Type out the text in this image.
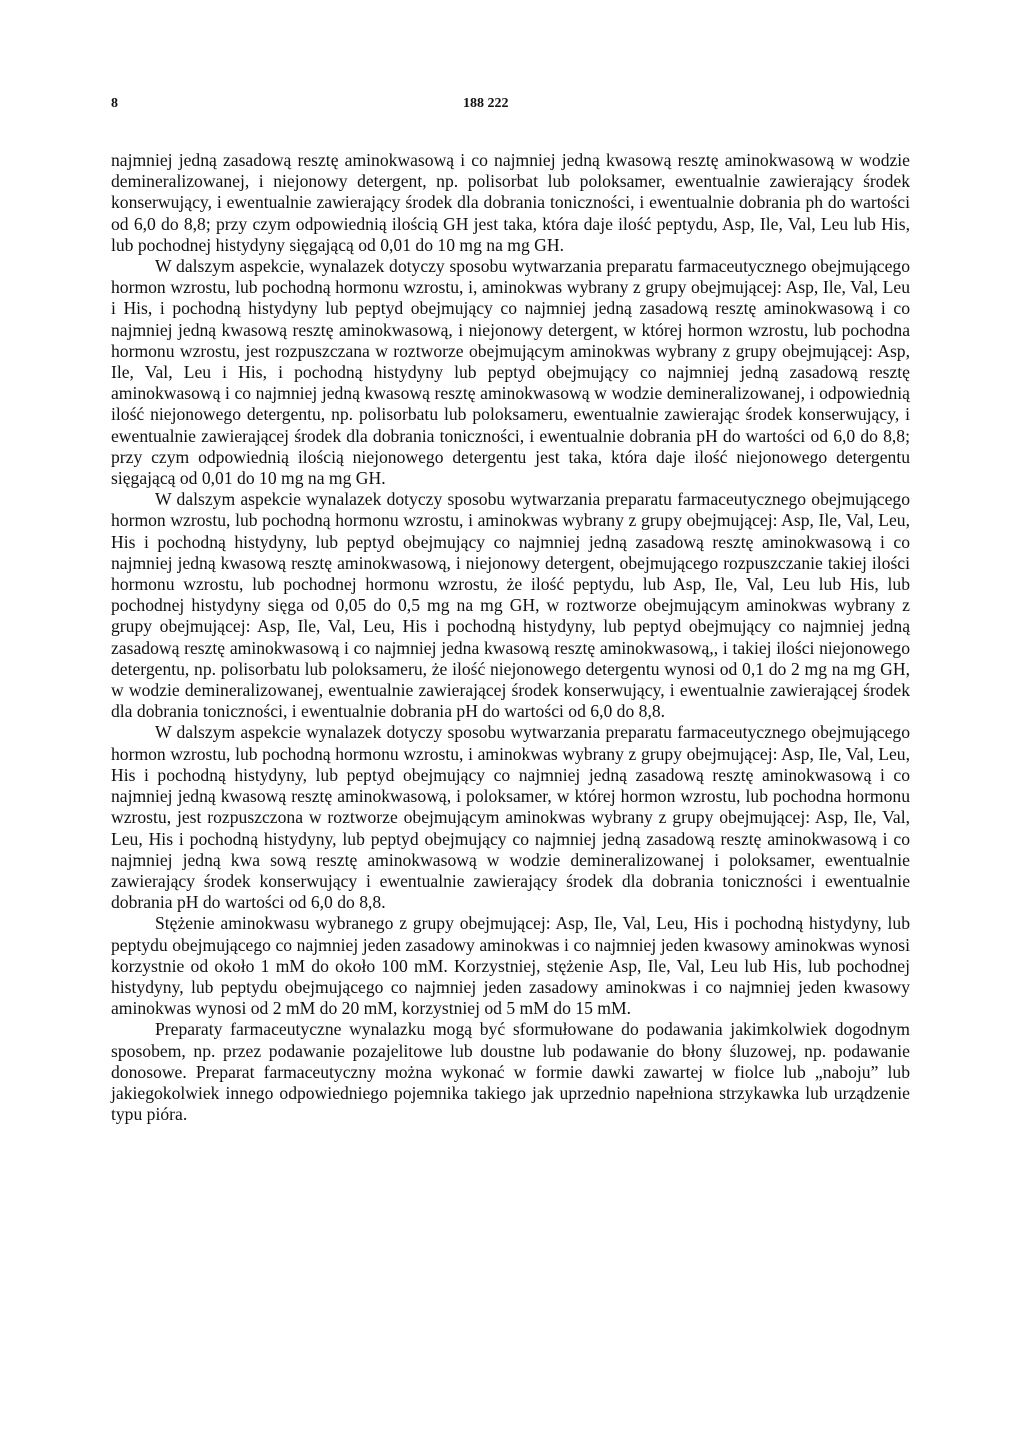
8	188 222

najmniej jedną zasadową resztę aminokwasową i co najmniej jedną kwasową resztę aminokwasową w wodzie demineralizowanej, i niejonowy detergent, np. polisorbat lub poloksamer, ewentualnie zawierający środek konserwujący, i ewentualnie zawierający środek dla dobrania toniczności, i ewentualnie dobrania ph do wartości od 6,0 do 8,8; przy czym odpowiednią ilością GH jest taka, która daje ilość peptydu, Asp, Ile, Val, Leu lub His, lub pochodnej histydyny sięgającą od 0,01 do 10 mg na mg GH.

W dalszym aspekcie, wynalazek dotyczy sposobu wytwarzania preparatu farmaceutycznego obejmującego hormon wzrostu, lub pochodną hormonu wzrostu, i, aminokwas wybrany z grupy obejmującej: Asp, Ile, Val, Leu i His, i pochodną histydyny lub peptyd obejmujący co najmniej jedną zasadową resztę aminokwasową i co najmniej jedną kwasową resztę aminokwasową, i niejonowy detergent, w której hormon wzrostu, lub pochodna hormonu wzrostu, jest rozpuszczana w roztworze obejmującym aminokwas wybrany z grupy obejmującej: Asp, Ile, Val, Leu i His, i pochodną histydyny lub peptyd obejmujący co najmniej jedną zasadową resztę aminokwasową i co najmniej jedną kwasową resztę aminokwasową w wodzie demineralizowanej, i odpowiednią ilość niejonowego detergentu, np. polisorbatu lub poloksameru, ewentualnie zawierając środek konserwujący, i ewentualnie zawierającej środek dla dobrania toniczności, i ewentualnie dobrania pH do wartości od 6,0 do 8,8; przy czym odpowiednią ilością niejonowego detergentu jest taka, która daje ilość niejonowego detergentu sięgającą od 0,01 do 10 mg na mg GH.

W dalszym aspekcie wynalazek dotyczy sposobu wytwarzania preparatu farmaceutycznego obejmującego hormon wzrostu, lub pochodną hormonu wzrostu, i aminokwas wybrany z grupy obejmującej: Asp, Ile, Val, Leu, His i pochodną histydyny, lub peptyd obejmujący co najmniej jedną zasadową resztę aminokwasową i co najmniej jedną kwasową resztę aminokwasową, i niejonowy detergent, obejmującego rozpuszczanie takiej ilości hormonu wzrostu, lub pochodnej hormonu wzrostu, że ilość peptydu, lub Asp, Ile, Val, Leu lub His, lub pochodnej histydyny sięga od 0,05 do 0,5 mg na mg GH, w roztworze obejmującym aminokwas wybrany z grupy obejmującej: Asp, Ile, Val, Leu, His i pochodną histydyny, lub peptyd obejmujący co najmniej jedną zasadową resztę aminokwasową i co najmniej jedna kwasową resztę aminokwasową,, i takiej ilości niejonowego detergentu, np. polisorbatu lub poloksameru, że ilość niejonowego detergentu wynosi od 0,1 do 2 mg na mg GH, w wodzie demineralizowanej, ewentualnie zawierającej środek konserwujący, i ewentualnie zawierającej środek dla dobrania toniczności, i ewentualnie dobrania pH do wartości od 6,0 do 8,8.

W dalszym aspekcie wynalazek dotyczy sposobu wytwarzania preparatu farmaceutycznego obejmującego hormon wzrostu, lub pochodną hormonu wzrostu, i aminokwas wybrany z grupy obejmującej: Asp, Ile, Val, Leu, His i pochodną histydyny, lub peptyd obejmujący co najmniej jedną zasadową resztę aminokwasową i co najmniej jedną kwasową resztę aminokwasową, i poloksamer, w której hormon wzrostu, lub pochodna hormonu wzrostu, jest rozpuszczona w roztworze obejmującym aminokwas wybrany z grupy obejmującej: Asp, Ile, Val, Leu, His i pochodną histydyny, lub peptyd obejmujący co najmniej jedną zasadową resztę aminokwasową i co najmniej jedną kwa sową resztę aminokwasową w wodzie demineralizowanej i poloksamer, ewentualnie zawierający środek konserwujący i ewentualnie zawierający środek dla dobrania toniczności i ewentualnie dobrania pH do wartości od 6,0 do 8,8.

Stężenie aminokwasu wybranego z grupy obejmującej: Asp, Ile, Val, Leu, His i pochodną histydyny, lub peptydu obejmującego co najmniej jeden zasadowy aminokwas i co najmniej jeden kwasowy aminokwas wynosi korzystnie od około 1 mM do około 100 mM. Korzystniej, stężenie Asp, Ile, Val, Leu lub His, lub pochodnej histydyny, lub peptydu obejmującego co najmniej jeden zasadowy aminokwas i co najmniej jeden kwasowy aminokwas wynosi od 2 mM do 20 mM, korzystniej od 5 mM do 15 mM.

Preparaty farmaceutyczne wynalazku mogą być sformułowane do podawania jakimkolwiek dogodnym sposobem, np. przez podawanie pozajelitowe lub doustne lub podawanie do błony śluzowej, np. podawanie donosowe. Preparat farmaceutyczny można wykonać w formie dawki zawartej w fiolce lub „naboju” lub jakiegokolwiek innego odpowiedniego pojemnika takiego jak uprzednio napełniona strzykawka lub urządzenie typu pióra.
